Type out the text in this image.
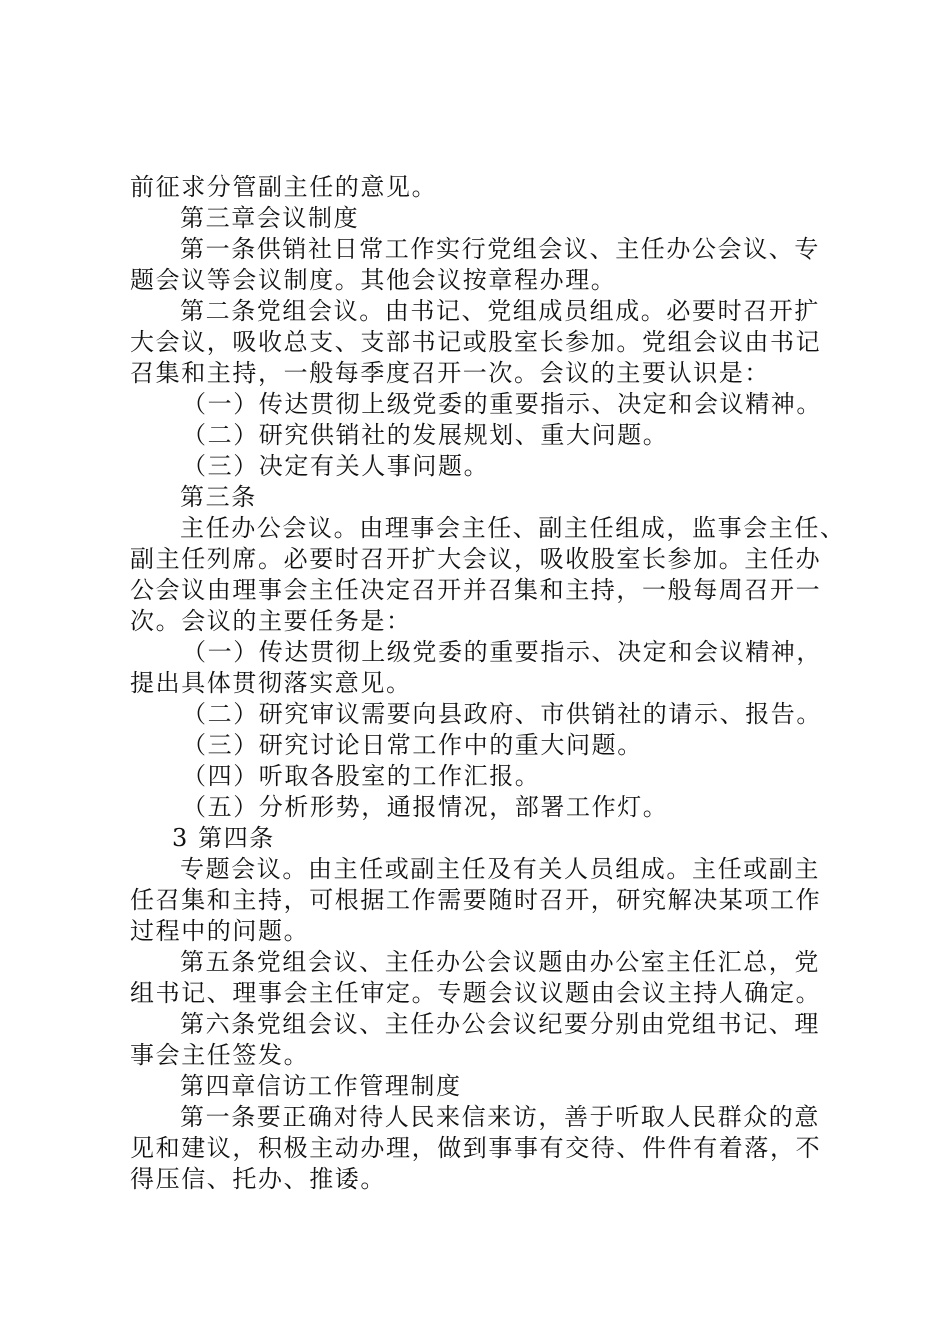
前征求分管副主任的意见。
第三章会议制度
第一条供销社日常工作实行党组会议、主任办公会议、专
题会议等会议制度。其他会议按章程办理。
第二条党组会议。由书记、党组成员组成。必要时召开扩
大会议，吸收总支、支部书记或股室长参加。党组会议由书记
召集和主持，一般每季度召开一次。会议的主要认识是：
（一）传达贯彻上级党委的重要指示、决定和会议精神。
（二）研究供销社的发展规划、重大问题。
（三）决定有关人事问题。
第三条
主任办公会议。由理事会主任、副主任组成，监事会主任、
副主任列席。必要时召开扩大会议，吸收股室长参加。主任办
公会议由理事会主任决定召开并召集和主持，一般每周召开一
次。会议的主要任务是：
（一）传达贯彻上级党委的重要指示、决定和会议精神，
提出具体贯彻落实意见。
（二）研究审议需要向县政府、市供销社的请示、报告。
（三）研究讨论日常工作中的重大问题。
（四）听取各股室的工作汇报。
（五）分析形势，通报情况，部署工作灯。
3 第四条
专题会议。由主任或副主任及有关人员组成。主任或副主
任召集和主持，可根据工作需要随时召开，研究解决某项工作
过程中的问题。
第五条党组会议、主任办公会议题由办公室主任汇总，党
组书记、理事会主任审定。专题会议议题由会议主持人确定。
第六条党组会议、主任办公会议纪要分别由党组书记、理
事会主任签发。
第四章信访工作管理制度
第一条要正确对待人民来信来访，善于听取人民群众的意
见和建议，积极主动办理，做到事事有交待、件件有着落，不
得压信、托办、推诿。
